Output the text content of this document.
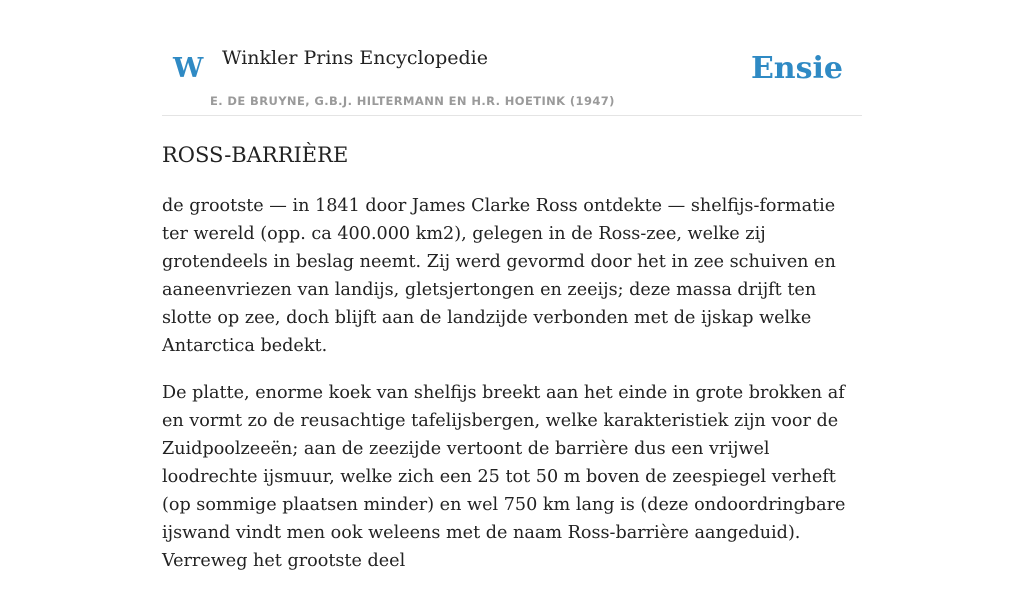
W Winkler Prins Encyclopedie
E. DE BRUYNE, G.B.J. HILTERMANN EN H.R. HOETINK (1947)
Ensie
ROSS-BARRIÈRE

de grootste — in 1841 door James Clarke Ross ontdekte — shelfijs-formatie ter wereld (opp. ca 400.000 km2), gelegen in de Ross-zee, welke zij grotendeels in beslag neemt. Zij werd gevormd door het in zee schuiven en aaneenvriezen van landijs, gletsjertongen en zeeijs; deze massa drijft ten slotte op zee, doch blijft aan de landzijde verbonden met de ijskap welke Antarctica bedekt.

De platte, enorme koek van shelfijs breekt aan het einde in grote brokken af en vormt zo de reusachtige tafelijsbergen, welke karakteristiek zijn voor de Zuidpoolzeeën; aan de zeezijde vertoont de barrière dus een vrijwel loodrechte ijsmuur, welke zich een 25 tot 50 m boven de zeespiegel verheft (op sommige plaatsen minder) en wel 750 km lang is (deze ondoordringbare ijswand vindt men ook weleens met de naam Ross-barrière aangeduid). Verreweg het grootste deel
